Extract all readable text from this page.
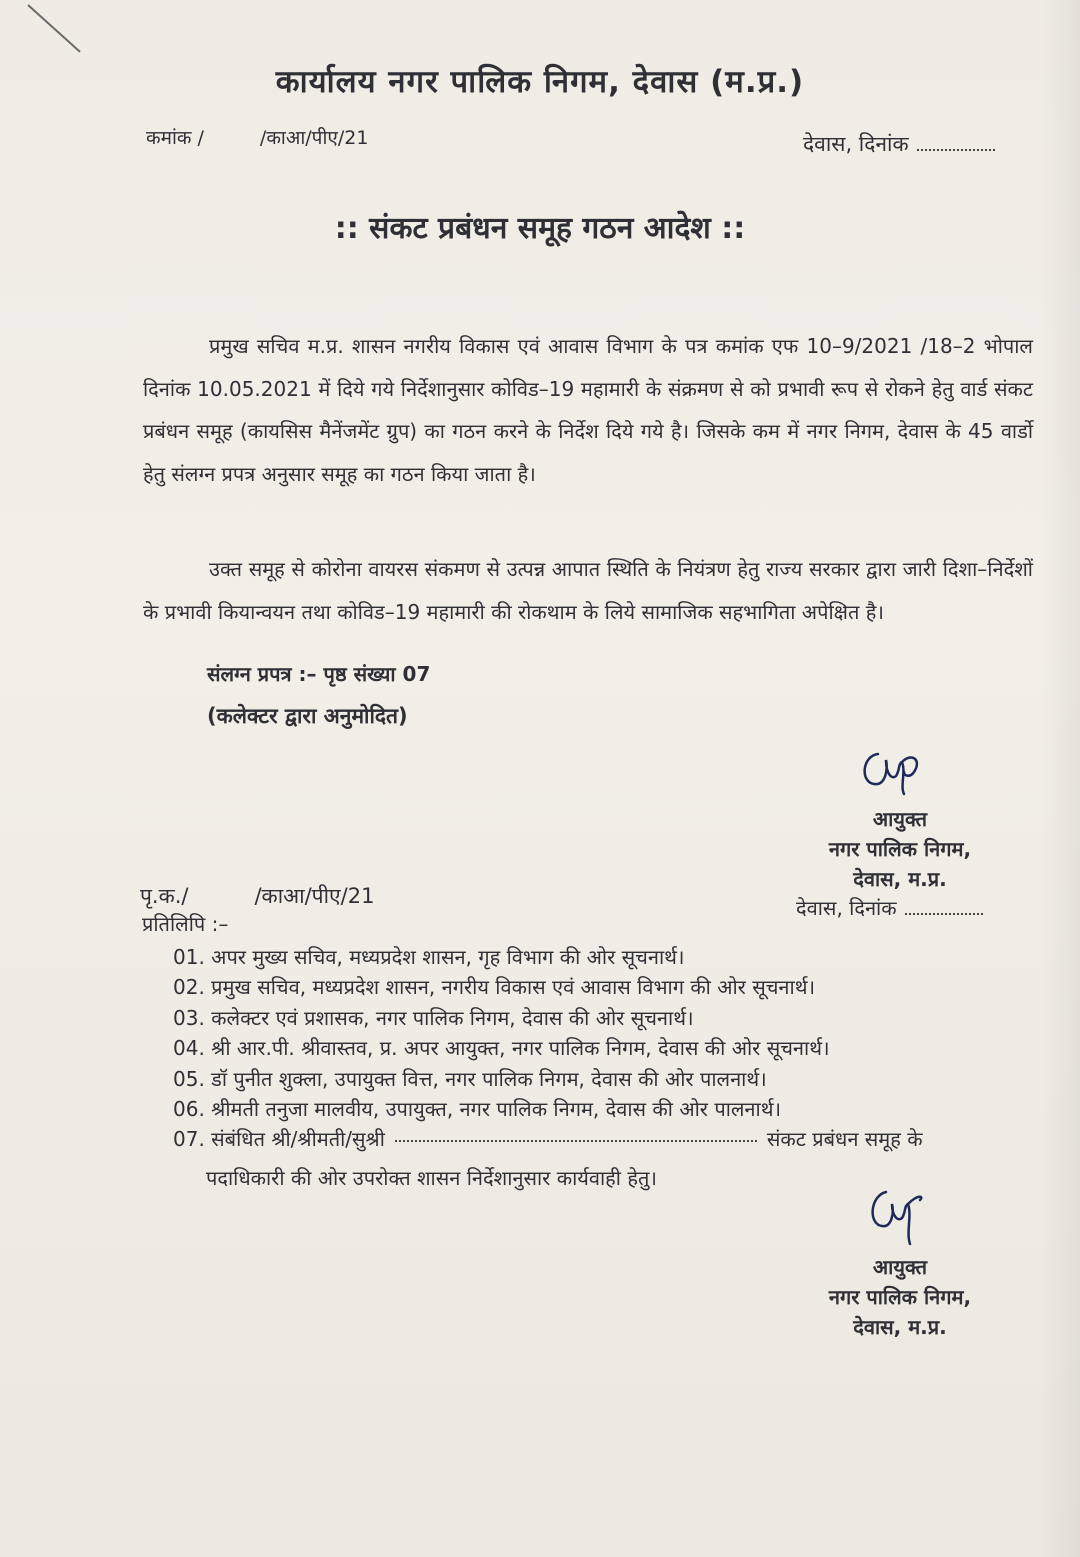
कार्यालय नगर पालिक निगम, देवास (म.प्र.)
कमांक /	/काआ/पीए/21	देवास, दिनांक
:: संकट प्रबंधन समूह गठन आदेश ::

प्रमुख सचिव म.प्र. शासन नगरीय विकास एवं आवास विभाग के पत्र कमांक एफ 10–9/2021 /18–2 भोपाल दिनांक 10.05.2021 में दिये गये निर्देशानुसार कोविड–19 महामारी के संक्रमण से को प्रभावी रूप से रोकने हेतु वार्ड संकट प्रबंधन समूह (कायसिस मैनेंजमेंट ग्रुप) का गठन करने के निर्देश दिये गये है। जिसके कम में नगर निगम, देवास के 45 वार्डो हेतु संलग्न प्रपत्र अनुसार समूह का गठन किया जाता है।

उक्त समूह से कोरोना वायरस संकमण से उत्पन्न आपात स्थिति के नियंत्रण हेतु राज्य सरकार द्वारा जारी दिशा–निर्देशों के प्रभावी कियान्वयन तथा कोविड–19 महामारी की रोकथाम के लिये सामाजिक सहभागिता अपेक्षित है।

संलग्न प्रपत्र :– पृष्ठ संख्या 07
(कलेक्टर द्वारा अनुमोदित)
आयुक्त
नगर पालिक निगम,
देवास, म.प्र.
पृ.क./	/काआ/पीए/21	देवास, दिनांक
प्रतिलिपि :–
01. अपर मुख्य सचिव, मध्यप्रदेश शासन, गृह विभाग की ओर सूचनार्थ।
02. प्रमुख सचिव, मध्यप्रदेश शासन, नगरीय विकास एवं आवास विभाग की ओर सूचनार्थ।
03. कलेक्टर एवं प्रशासक, नगर पालिक निगम, देवास की ओर सूचनार्थ।
04. श्री आर.पी. श्रीवास्तव, प्र. अपर आयुक्त, नगर पालिक निगम, देवास की ओर सूचनार्थ।
05. डॉ पुनीत शुक्ला, उपायुक्त वित्त, नगर पालिक निगम, देवास की ओर पालनार्थ।
06. श्रीमती तनुजा मालवीय, उपायुक्त, नगर पालिक निगम, देवास की ओर पालनार्थ।
07. संबंधित श्री/श्रीमती/सुश्री	संकट प्रबंधन समूह के
पदाधिकारी की ओर उपरोक्त शासन निर्देशानुसार कार्यवाही हेतु।
आयुक्त
नगर पालिक निगम,
देवास, म.प्र.
